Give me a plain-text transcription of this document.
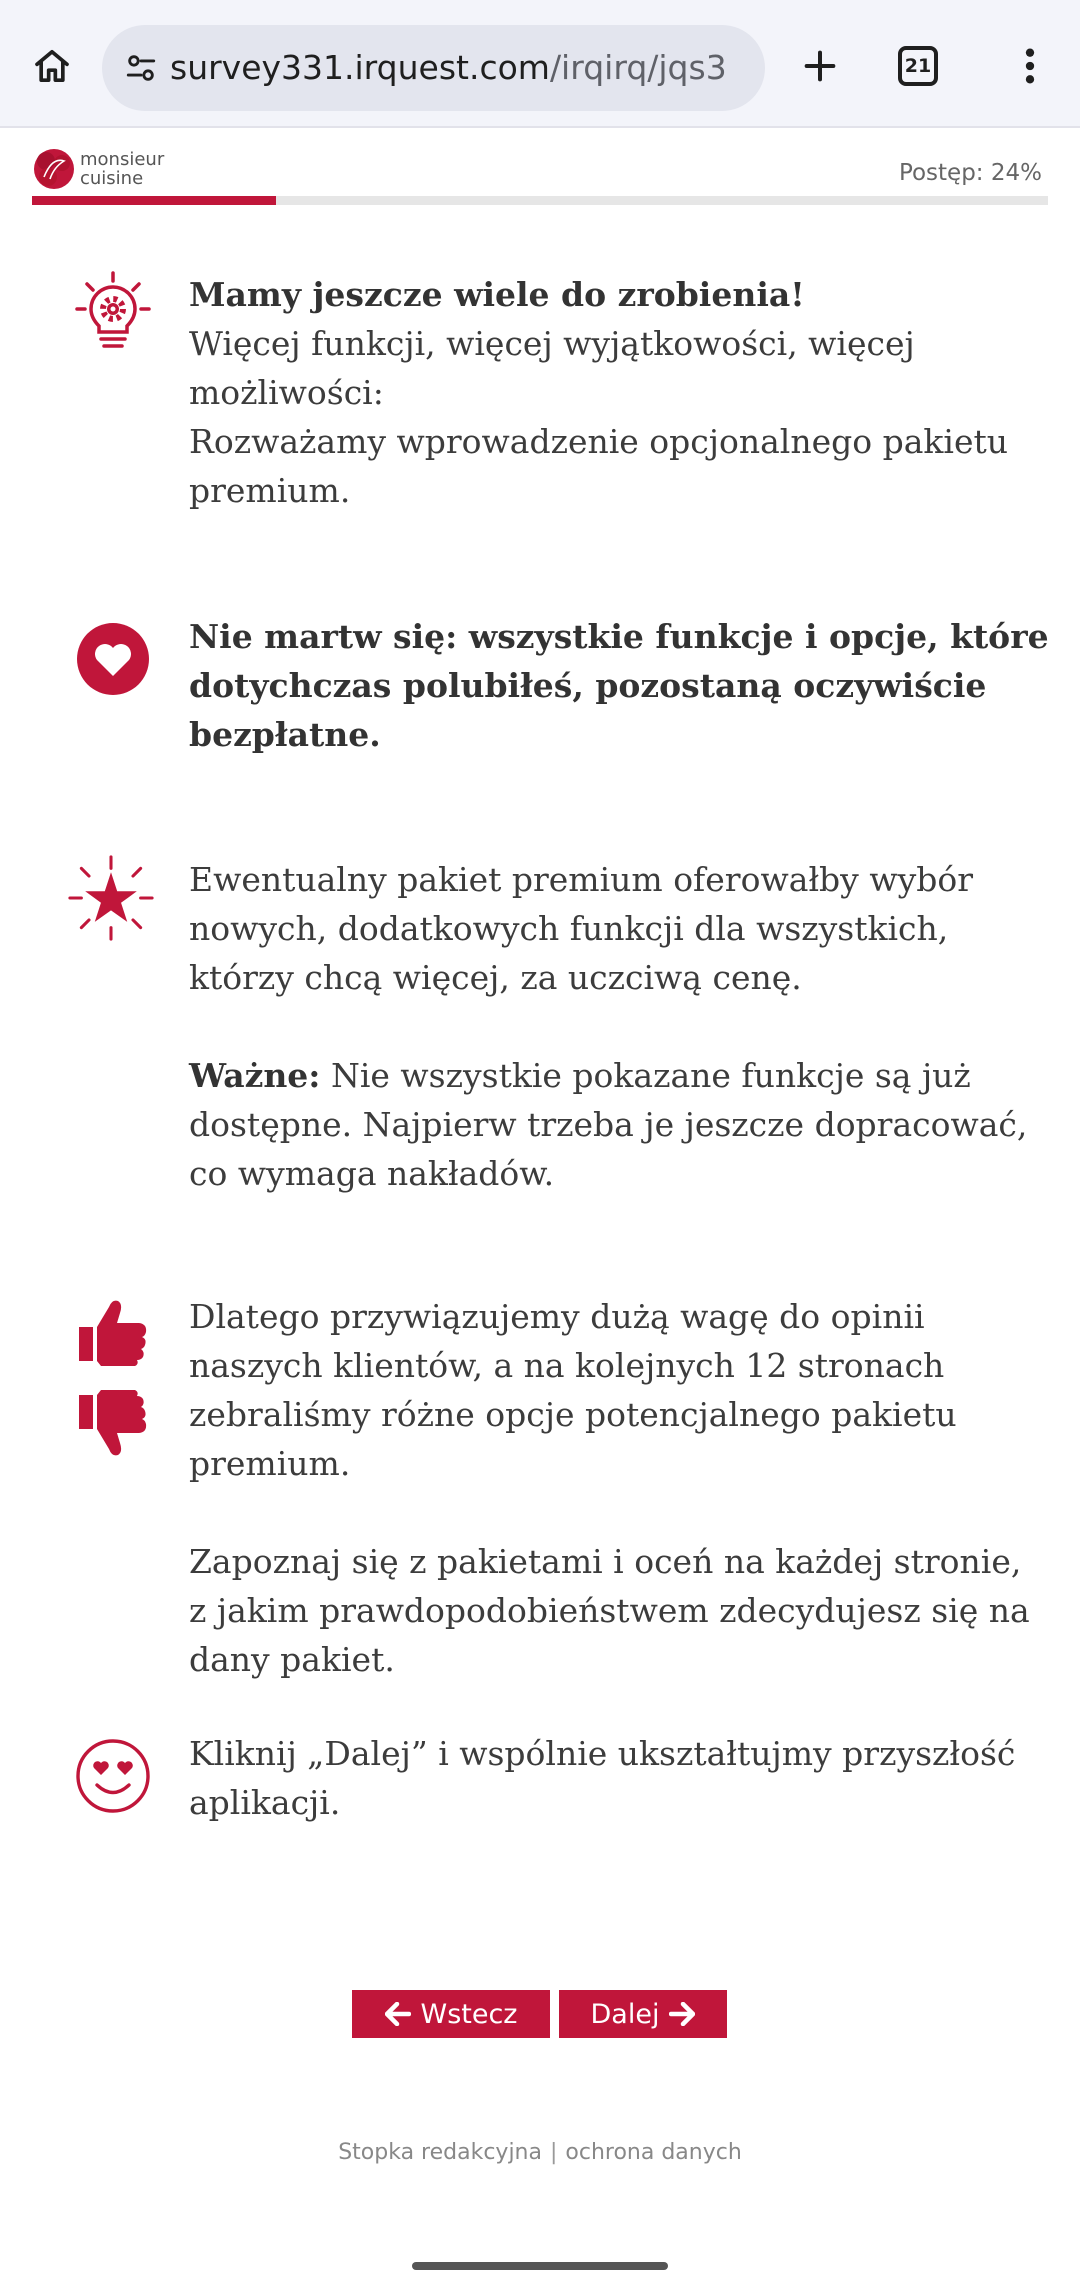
survey331.irquest.com/irqirq/jqs3	21
monsieur
cuisine	Postęp: 24%

Mamy jeszcze wiele do zrobienia!

Więcej funkcji, więcej wyjątkowości, więcej możliwości:

Rozważamy wprowadzenie opcjonalnego pakietu premium.

Nie martw się: wszystkie funkcje i opcje, które dotychczas polubiłeś, pozostaną oczywiście bezpłatne.

Ewentualny pakiet premium oferowałby wybór nowych, dodatkowych funkcji dla wszystkich, którzy chcą więcej, za uczciwą cenę.

Ważne: Nie wszystkie pokazane funkcje są już dostępne. Najpierw trzeba je jeszcze dopracować, co wymaga nakładów.

Dlatego przywiązujemy dużą wagę do opinii naszych klientów, a na kolejnych 12 stronach zebraliśmy różne opcje potencjalnego pakietu premium.

Zapoznaj się z pakietami i oceń na każdej stronie, z jakim prawdopodobieństwem zdecydujesz się na dany pakiet.

Kliknij „Dalej” i wspólnie ukształtujmy przyszłość aplikacji.

Wstecz	Dalej
Stopka redakcyjna | ochrona danych
